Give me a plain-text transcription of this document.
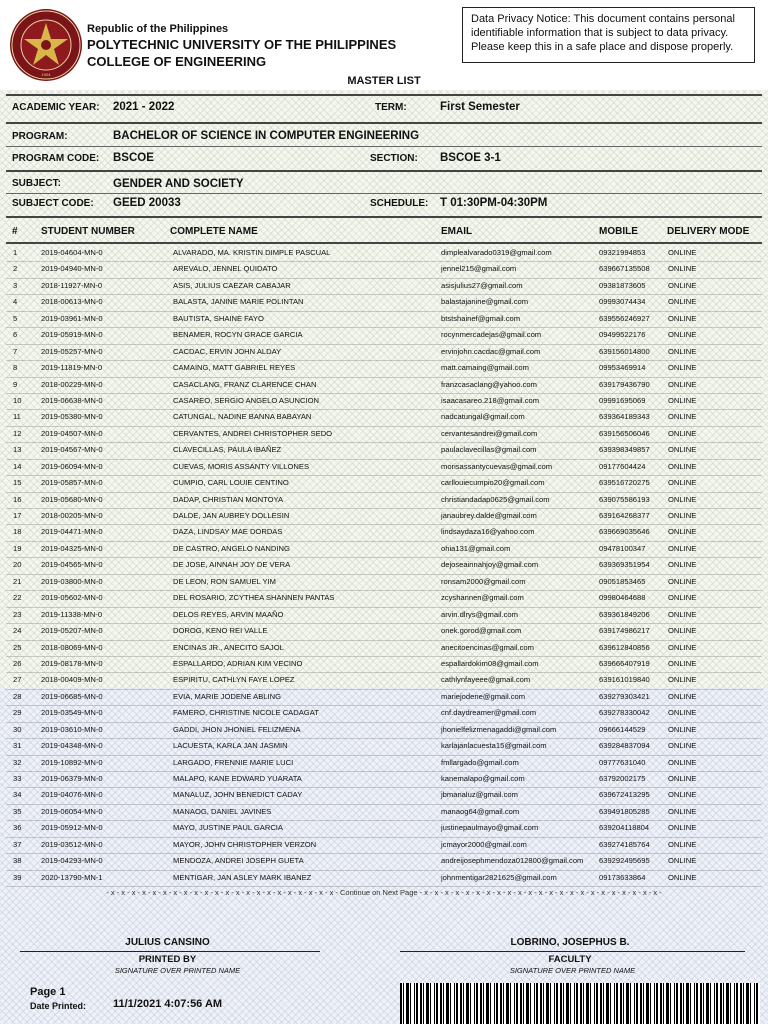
1904
Republic of the Philippines
POLYTECHNIC UNIVERSITY OF THE PHILIPPINES
COLLEGE OF ENGINEERING
Data Privacy Notice: This document contains personal identifiable information that is subject to data privacy. Please keep this in a safe place and dispose properly.
MASTER LIST
ACADEMIC YEAR: 2021 - 2022	TERM:	First Semester
PROGRAM:	BACHELOR OF SCIENCE IN COMPUTER ENGINEERING
PROGRAM CODE: BSCOE	SECTION: BSCOE 3-1
SUBJECT:	GENDER AND SOCIETY
SUBJECT CODE: GEED 20033	SCHEDULE: T 01:30PM-04:30PM
# STUDENT NUMBER	COMPLETE NAME	EMAIL	MOBILE	DELIVERY MODE
1	2019-04604-MN-0	ALVARADO, MA. KRISTIN DIMPLE PASCUAL	dimplealvarado0319@gmail.com	09321994853	ONLINE
2	2019-04940-MN-0	AREVALO, JENNEL QUIDATO	jennel215@gmail.com	639667135508 ONLINE
3	2018-11927-MN-0	ASIS, JULIUS CAEZAR CABAJAR	asisjulius27@gmail.com	09381873605	ONLINE
4	2018-00613-MN-0	BALASTA, JANINE MARIE POLINTAN	balastajanine@gmail.com	09993074434	ONLINE
5	2019-03961-MN-0	BAUTISTA, SHAINE FAYO	btstshainef@gmail.com	639556246927 ONLINE
6	2019-05919-MN-0	BENAMER, ROCYN GRACE GARCIA	rocynmercadejas@gmail.com	09499522176	ONLINE
7	2019-05257-MN-0	CACDAC, ERVIN JOHN ALDAY	ervinjohn.cacdac@gmail.com	639156014800 ONLINE
8	2019-11819-MN-0	CAMAING, MATT GABRIEL REYES	matt.camaing@gmail.com	09953469914	ONLINE
9	2018-00229-MN-0	CASACLANG, FRANZ CLARENCE CHAN	franzcasaclang@yahoo.com	639179436790 ONLINE
10	2019-06638-MN-0	CASAREO, SERGIO ANGELO ASUNCION	isaacasareo.218@gmail.com	09991695069	ONLINE
11	2019-05380-MN-0	CATUNGAL, NADINE BANNA BABAYAN	nadcatungal@gmail.com	639364189343 ONLINE
12	2019-04507-MN-0	CERVANTES, ANDREI CHRISTOPHER SEDO	cervantesandrei@gmail.com	639156506046 ONLINE
13	2019-04567-MN-0	CLAVECILLAS, PAULA IBAÑEZ	paulaclavecillas@gmail.com	639398349857 ONLINE
14	2019-06094-MN-0	CUEVAS, MORIS ASSANTY VILLONES	morisassantycuevas@gmail.com	09177604424	ONLINE
15	2019-05857-MN-0	CUMPIO, CARL LOUIE CENTINO	carllouiecumpio20@gmail.com	639516720275 ONLINE
16	2019-05680-MN-0	DADAP, CHRISTIAN MONTOYA	christiandadap0625@gmail.com	639075586193 ONLINE
17	2018-00205-MN-0	DALDE, JAN AUBREY DOLLESIN	janaubrey.dalde@gmail.com	639164268377 ONLINE
18	2019-04471-MN-0	DAZA, LINDSAY MAE DORDAS	lindsaydaza16@yahoo.com	639669035646 ONLINE
19	2019-04325-MN-0	DE CASTRO, ANGELO NANDING	ohia131@gmail.com	09478100347	ONLINE
20	2019-04565-MN-0	DE JOSE, AINNAH JOY DE VERA	dejoseainnahjoy@gmail.com	639369351954 ONLINE
21	2019-03800-MN-0	DE LEON, RON SAMUEL YIM	ronsam2000@gmail.com	09051853465	ONLINE
22	2019-05602-MN-0	DEL ROSARIO, ZCYTHEA SHANNEN PANTAS	zcyshannen@gmail.com	09980464688	ONLINE
23	2019-11338-MN-0	DELOS REYES, ARVIN MAAÑO	arvin.dlrys@gmail.com	639361849206 ONLINE
24	2019-05207-MN-0	DOROG, KENO REI VALLE	onek.gorod@gmail.com	639174986217 ONLINE
25	2018-08069-MN-0	ENCINAS JR., ANECITO SAJOL	anecitoencinas@gmail.com	639612840856 ONLINE
26	2019-08178-MN-0	ESPALLARDO, ADRIAN KIM VECINO	espallardokim08@gmail.com	639666407919 ONLINE
27	2018-00409-MN-0	ESPIRITU, CATHLYN FAYE LOPEZ	cathlynfayeee@gmail.com	639161019840 ONLINE
28	2019-06685-MN-0	EVIA, MARIE JODENE ABLING	mariejodene@gmail.com	639279303421 ONLINE
29	2019-03549-MN-0	FAMERO, CHRISTINE NICOLE CADAGAT	cnf.daydreamer@gmail.com	639278330042 ONLINE
30	2019-03610-MN-0	GADDI, JHON JHONIEL FELIZMENA	jhonielfelizmenagaddi@gmail.com	09666144529	ONLINE
31	2019-04348-MN-0	LACUESTA, KARLA JAN JASMIN	karlajanlacuesta15@gmail.com	639284837094 ONLINE
32	2019-10892-MN-0	LARGADO, FRENNIE MARIE LUCI	fmllargado@gmail.com	09777631040	ONLINE
33	2019-06379-MN-0	MALAPO, KANE EDWARD YUARATA	kanemalapo@gmail.com	63792002175	ONLINE
34	2019-04076-MN-0	MANALUZ, JOHN BENEDICT CADAY	jbmanaluz@gmail.com	639672413295 ONLINE
35	2019-06054-MN-0	MANAOG, DANIEL JAVINES	manaog64@gmail.com	639491805285 ONLINE
36	2019-05912-MN-0	MAYO, JUSTINE PAUL GARCIA	justinepaulmayo@gmail.com	639204118804 ONLINE
37	2019-03512-MN-0	MAYOR, JOHN CHRISTOPHER VERZON	jcmayor2000@gmail.com	639274185764 ONLINE
38	2019-04293-MN-0	MENDOZA, ANDREI JOSEPH GUETA	andreijosephmendoza012800@gmail.com 639292495695 ONLINE
39	2020-13790-MN-1	MENTIGAR, JAN ASLEY MARK IBANEZ	johnmentigar2821625@gmail.com	09173633864	ONLINE
- x - x - x - x - x - x - x - x - x - x - x - x - x - x - x - x - x - x - x - x - x - x - Continue on Next Page - x - x - x - x - x - x - x - x - x - x - x - x - x - x - x - x - x - x - x - x - x - x - x -
JULIUS CANSINO
PRINTED BY
SIGNATURE OVER PRINTED NAME
LOBRINO, JOSEPHUS B.
FACULTY
SIGNATURE OVER PRINTED NAME
Page 1
Date Printed: 11/1/2021 4:07:56 AM
